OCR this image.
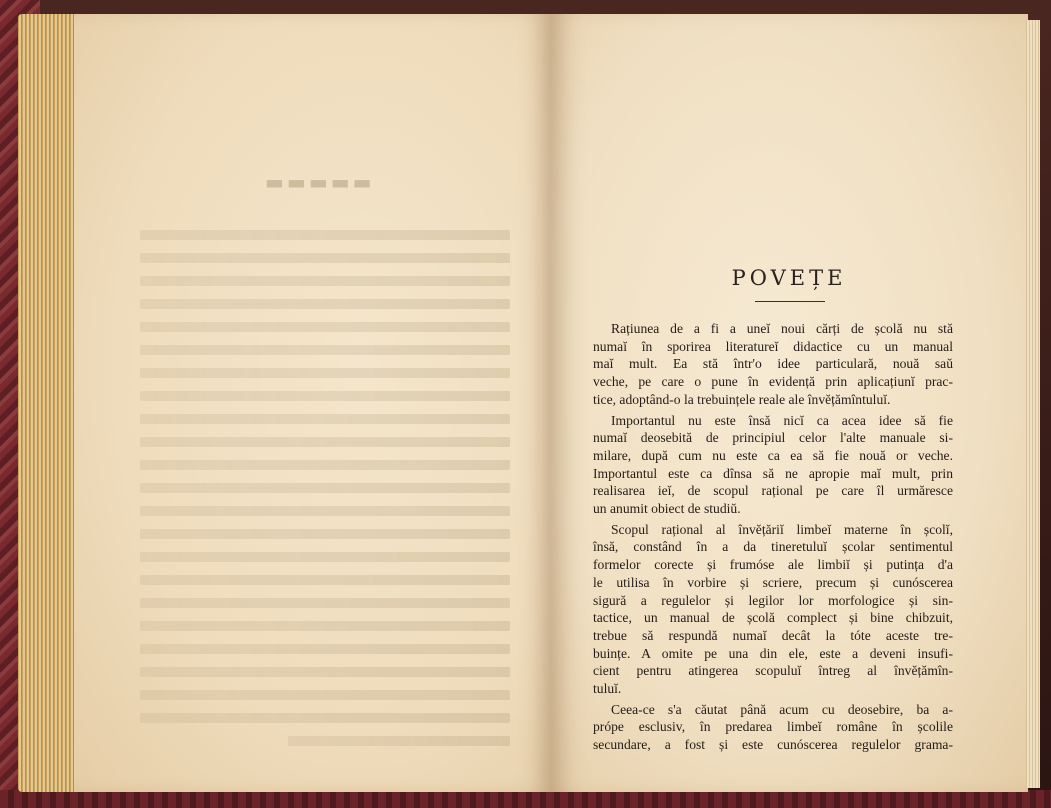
▬▬▬▬▬
POVEȚE

Rațiunea de a fi a uneĭ noui cărți de școlă nu stă
numaĭ în sporirea literatureĭ didactice cu un manual
maĭ mult. Ea stă într'o idee particulară, nouă saŭ
veche, pe care o pune în evidență prin aplicațiunĭ prac-
tice, adoptând-o la trebuințele reale ale învĕțămîntuluĭ.

Importantul nu este însă nicĭ ca acea idee să fie
numaĭ deosebită de principiul celor l'alte manuale si-
milare, după cum nu este ca ea să fie nouă or veche.
Importantul este ca dînsa să ne apropie maĭ mult, prin
realisarea ieĭ, de scopul rațional pe care îl urmăresce
un anumit obiect de studiŭ.

Scopul rațional al învĕțăriĭ limbeĭ materne în școlĭ,
însă, constând în a da tineretuluĭ școlar sentimentul
formelor corecte și frumóse ale limbiĭ și putința d'a
le utilisa în vorbire și scriere, precum și cunóscerea
sigură a regulelor și legilor lor morfologice și sin-
tactice, un manual de școlă complect și bine chibzuit,
trebue să respundă numaĭ decât la tóte aceste tre-
buințe. A omite pe una din ele, este a deveni insufi-
cient pentru atingerea scopuluĭ întreg al învĕțămîn-
tuluĭ.

Ceea-ce s'a căutat până acum cu deosebire, ba a-
própe esclusiv, în predarea limbeĭ române în școlile
secundare, a fost și este cunóscerea regulelor grama-
